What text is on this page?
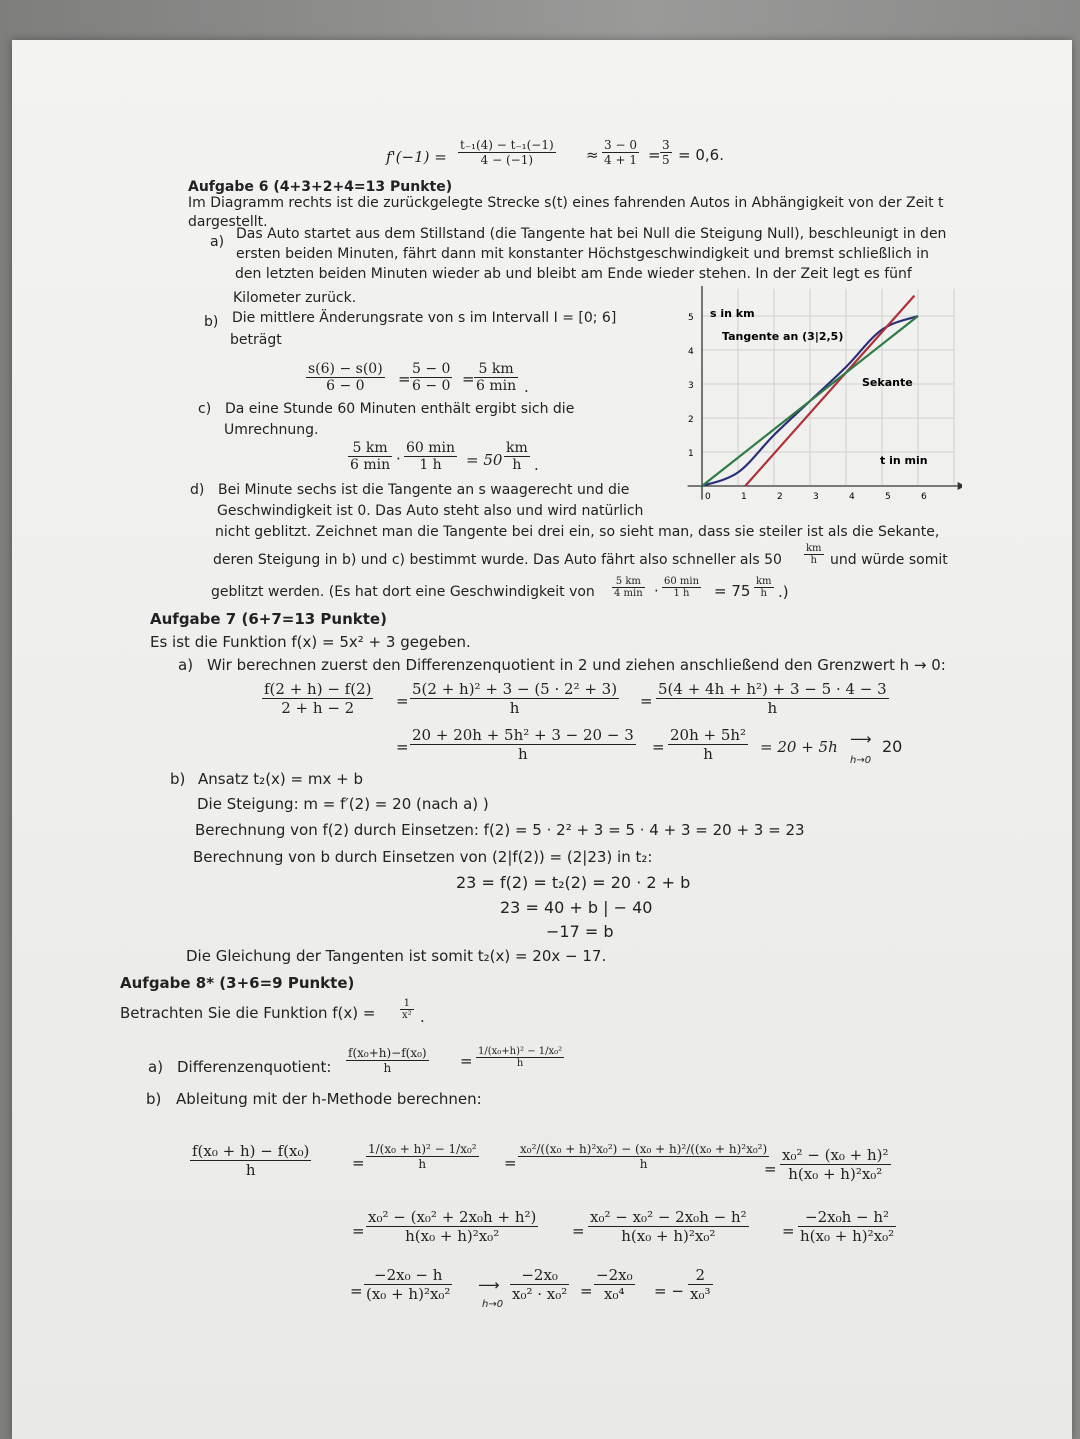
$f'(-1) = \frac{\text{t₋₁(4) − t₋₁(−1)}}{4 - (-1)} \approx \frac{3 - 0}{4 + 1} = \frac{3}{5} = 0,6$.
Aufgabe 6 (4+3+2+4=13 Punkte)
Im Diagramm rechts ist die zurückgelegte Strecke s(t) eines fahrenden Autos in Abhängigkeit von der Zeit t
dargestellt.
a) Das Auto startet aus dem Stillstand (die Tangente hat bei Null die Steigung Null), beschleunigt in den
ersten beiden Minuten, fährt dann mit konstanter Höchstgeschwindigkeit und bremst schließlich in
den letzten beiden Minuten wieder ab und bleibt am Ende wieder stehen. In der Zeit legt es fünf
Kilometer zurück.
b) Die mittlere Änderungsrate von s im Intervall I = [0; 6]
beträgt
$\frac{s(6) - s(0)}{6 - 0} = \frac{5 - 0}{6 - 0}$ =
5 km
6 min .
c) Da eine Stunde 60 Minuten enthält ergibt sich die
Umrechnung.
5 km
6 min ·
60 min
1 h	= $50 \frac{km}{h}$ .
d) Bei Minute sechs ist die Tangente an s waagerecht und die
Geschwindigkeit ist 0. Das Auto steht also und wird natürlich
nicht geblitzt. Zeichnet man die Tangente bei drei ein, so sieht man, dass sie steiler ist als die Sekante,
deren Steigung in b) und c) bestimmt wurde. Das Auto fährt also schneller als $50 \frac{km}{h}$ und würde somit
geblitzt werden. (Es hat dort eine Geschwindigkeit von
5 km
4 min ·
60 min
1 h	= $75 \frac{km}{h}$ .)
0	1	2	3	4	5	6
1
2
3
4
5 s in km
t in min
Tangente an (3|2,5)
Sekante
Aufgabe 7 (6+7=13 Punkte)
Es ist die Funktion f(x) = 5x² + 3 gegeben.
a) Wir berechnen zuerst den Differenzenquotient in 2 und ziehen anschließend den Grenzwert h → 0:
$\frac{f(2 + h) - f(2)}{2 + h - 2} = \frac{\text{5(2 + h)² + 3 − (5 · 2² + 3)}}{h} = \frac{\text{5(4 + 4h + h²) + 3 − 5 · 4 − 3}}{h}$
= $\frac{\text{20 + 20h + 5h² + 3 − 20 − 3}}{h} = \frac{\text{20h + 5h²}}{h} = 20 + 5h$ ⟶
h→0
20
b) Ansatz t₂(x) = mx + b
Die Steigung: m = f′(2) = 20 (nach a) )
Berechnung von f(2) durch Einsetzen: f(2) = 5 · 2² + 3 = 5 · 4 + 3 = 20 + 3 = 23
Berechnung von b durch Einsetzen von (2|f(2)) = (2|23) in t₂:
23 = f(2) = t₂(2) = 20 · 2 + b
23 = 40 + b | − 40
−17 = b
Die Gleichung der Tangenten ist somit t₂(x) = 20x − 17.
Aufgabe 8* (3+6=9 Punkte)
Betrachten Sie die Funktion $f(x) = \frac{1}{\text{x²}}$ .
a) Differenzenquotient: $\frac{\text{f(x₀+h)−f(x₀)}}{h} = \frac{\text{1/(x₀+h)² − 1/x₀²}}{h}$
b) Ableitung mit der h-Methode berechnen:
$\frac{\text{f(x₀ + h) − f(x₀)}}{h}$	= $\frac{\text{1/(x₀ + h)² − 1/x₀²}}{h} = \frac{\text{x₀²/((x₀ + h)²x₀²) − (x₀ + h)²/((x₀ + h)²x₀²)}}{h}$
= $\frac{\text{x₀² − (x₀ + h)²}}{\text{h(x₀ + h)²x₀²}}$
= $\frac{\text{x₀² − (x₀² + 2x₀h + h²)}}{\text{h(x₀ + h)²x₀²}} = \frac{\text{x₀² − x₀² − 2x₀h − h²}}{\text{h(x₀ + h)²x₀²}} = \frac{\text{−2x₀h − h²}}{\text{h(x₀ + h)²x₀²}}$
= $\frac{\text{−2x₀ − h}}{\text{(x₀ + h)²x₀²}}$ ⟶
h→0
$\frac{\text{−2x₀}}{\text{x₀² · x₀²}} = \frac{\text{−2x₀}}{\text{x₀⁴}}$ = − $\frac{2}{\text{x₀³}}$
